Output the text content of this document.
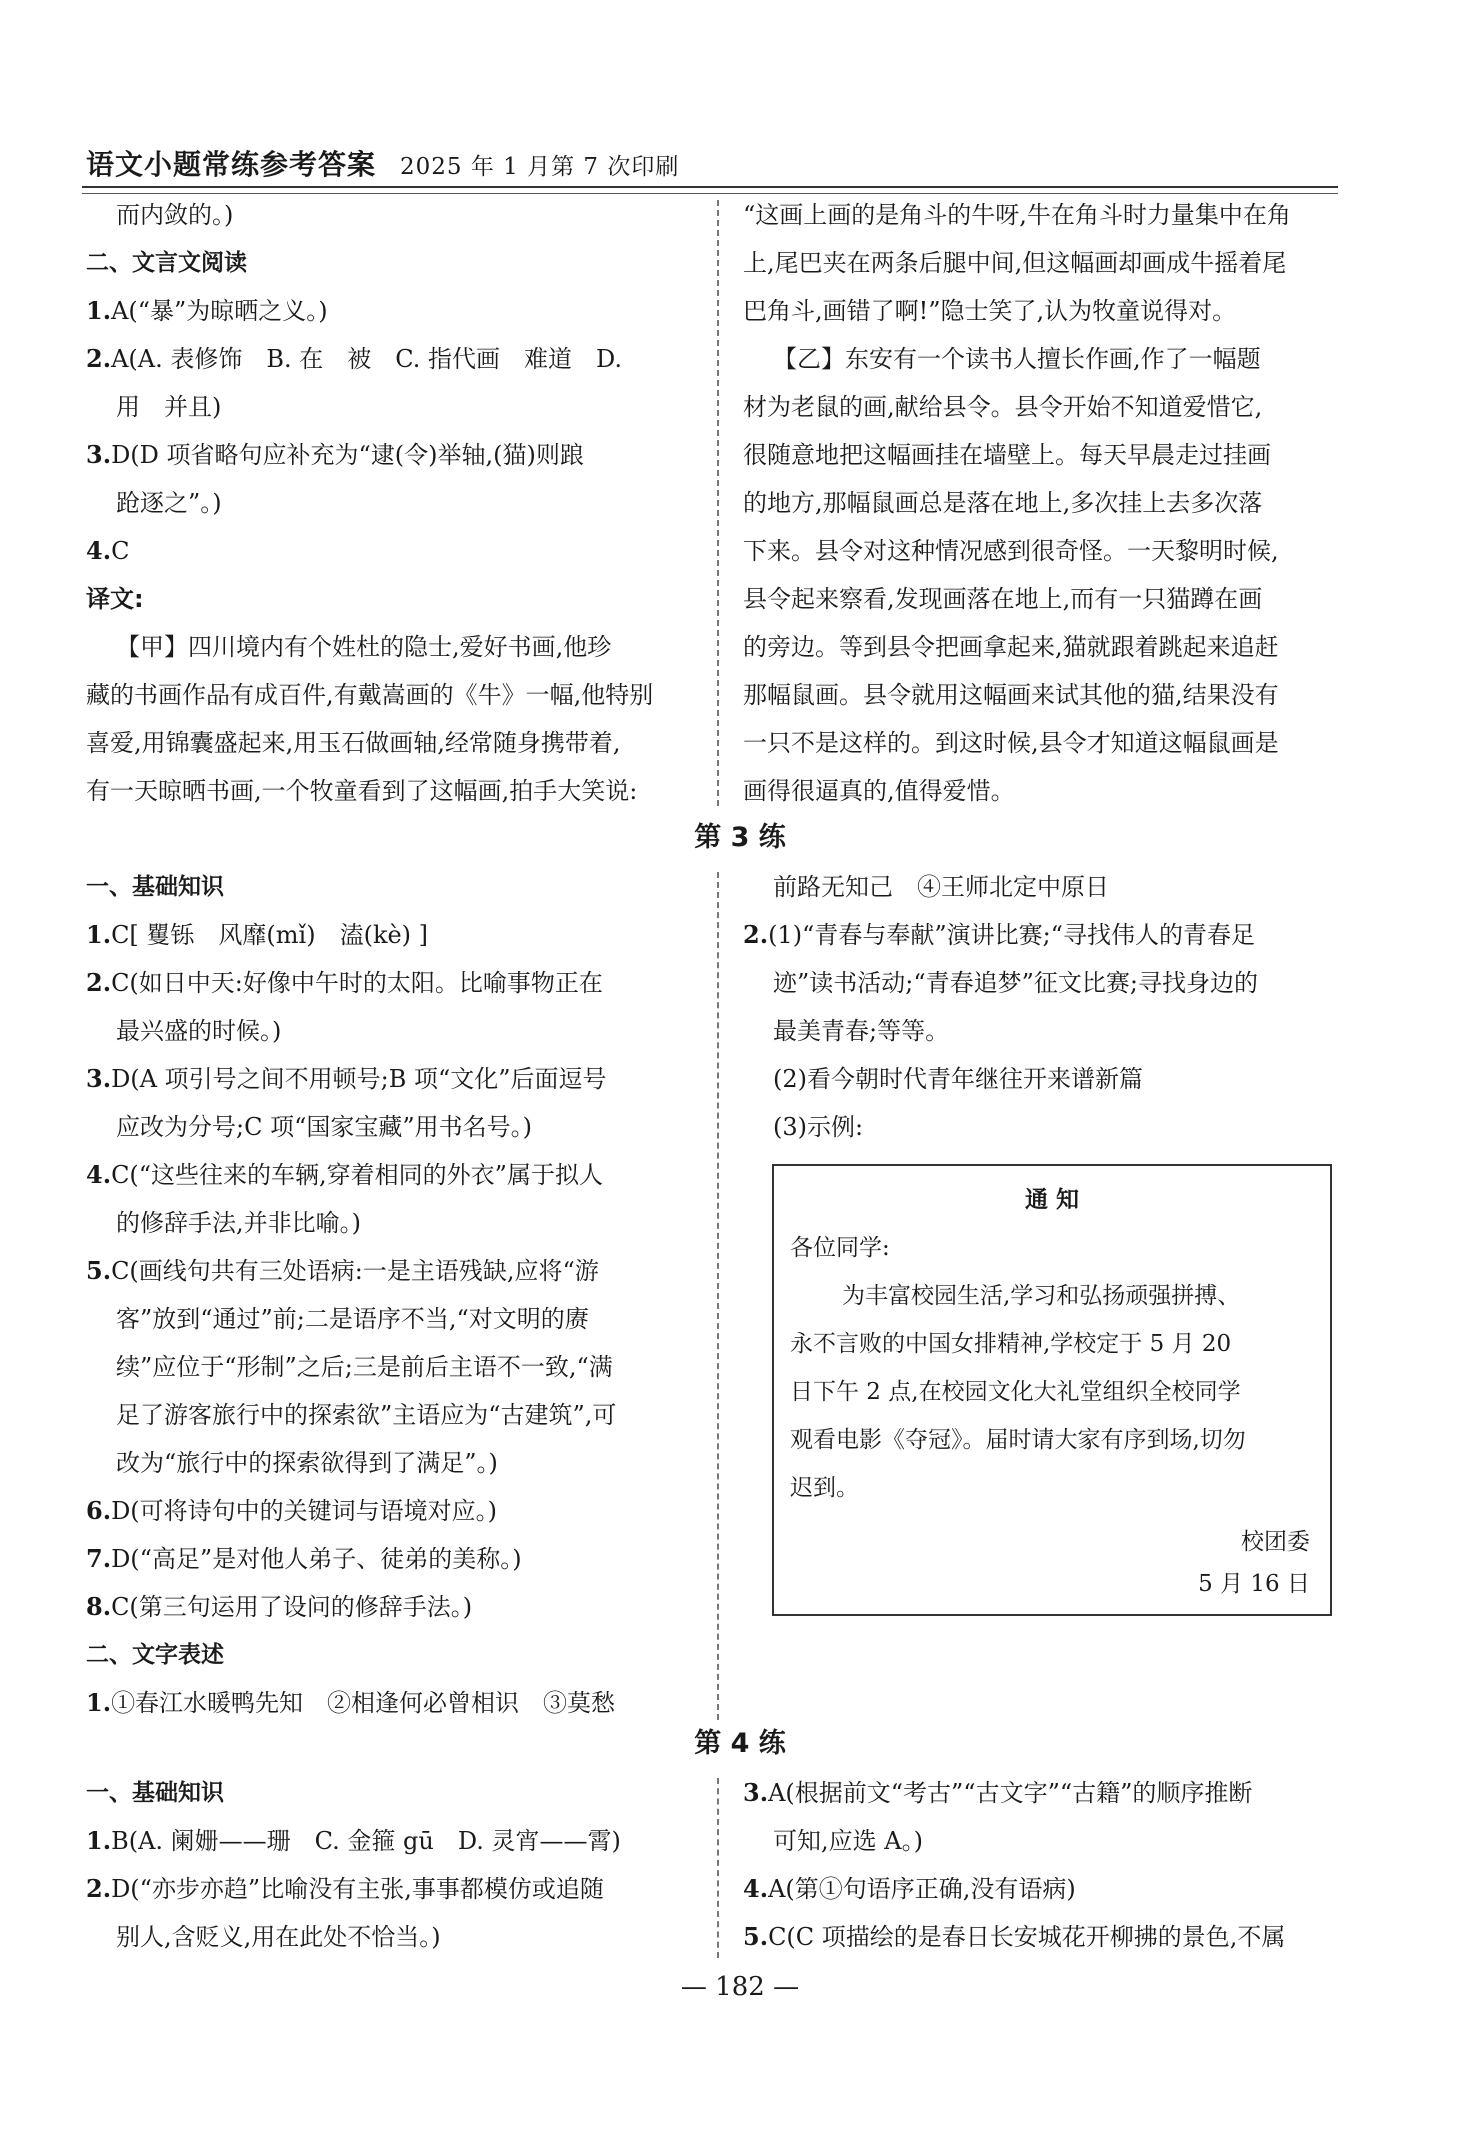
语文小题常练参考答案 2025 年 1 月第 7 次印刷
而内敛的。)
二、文言文阅读
1.A(“暴”为晾晒之义。)
2.A(A. 表修饰　B. 在　被　C. 指代画　难道　D.
用　并且)
3.D(D 项省略句应补充为“逮(令)举轴,(猫)则踉
跄逐之”。)
4.C
译文:
【甲】四川境内有个姓杜的隐士,爱好书画,他珍
藏的书画作品有成百件,有戴嵩画的《牛》一幅,他特别
喜爱,用锦囊盛起来,用玉石做画轴,经常随身携带着,
有一天晾晒书画,一个牧童看到了这幅画,拍手大笑说:
“这画上画的是角斗的牛呀,牛在角斗时力量集中在角
上,尾巴夹在两条后腿中间,但这幅画却画成牛摇着尾
巴角斗,画错了啊!”隐士笑了,认为牧童说得对。
【乙】东安有一个读书人擅长作画,作了一幅题
材为老鼠的画,献给县令。县令开始不知道爱惜它,
很随意地把这幅画挂在墙壁上。每天早晨走过挂画
的地方,那幅鼠画总是落在地上,多次挂上去多次落
下来。县令对这种情况感到很奇怪。一天黎明时候,
县令起来察看,发现画落在地上,而有一只猫蹲在画
的旁边。等到县令把画拿起来,猫就跟着跳起来追赶
那幅鼠画。县令就用这幅画来试其他的猫,结果没有
一只不是这样的。到这时候,县令才知道这幅鼠画是
画得很逼真的,值得爱惜。
第 3 练
一、基础知识
1.C[ 矍铄　风靡(mǐ)　溘(kè) ]
2.C(如日中天:好像中午时的太阳。比喻事物正在
最兴盛的时候。)
3.D(A 项引号之间不用顿号;B 项“文化”后面逗号
应改为分号;C 项“国家宝藏”用书名号。)
4.C(“这些往来的车辆,穿着相同的外衣”属于拟人
的修辞手法,并非比喻。)
5.C(画线句共有三处语病:一是主语残缺,应将“游
客”放到“通过”前;二是语序不当,“对文明的赓
续”应位于“形制”之后;三是前后主语不一致,“满
足了游客旅行中的探索欲”主语应为“古建筑”,可
改为“旅行中的探索欲得到了满足”。)
6.D(可将诗句中的关键词与语境对应。)
7.D(“高足”是对他人弟子、徒弟的美称。)
8.C(第三句运用了设问的修辞手法。)
二、文字表述
1.①春江水暖鸭先知　②相逢何必曾相识　③莫愁
前路无知己　④王师北定中原日
2.(1)“青春与奉献”演讲比赛;“寻找伟人的青春足
迹”读书活动;“青春追梦”征文比赛;寻找身边的
最美青春;等等。
(2)看今朝时代青年继往开来谱新篇
(3)示例:
通 知
各位同学:
为丰富校园生活,学习和弘扬顽强拼搏、
永不言败的中国女排精神,学校定于 5 月 20
日下午 2 点,在校园文化大礼堂组织全校同学
观看电影《夺冠》。届时请大家有序到场,切勿
迟到。
校团委
5 月 16 日
第 4 练
一、基础知识
1.B(A. 阑姗——珊　C. 金箍 gū　D. 灵宵——霄)
2.D(“亦步亦趋”比喻没有主张,事事都模仿或追随
别人,含贬义,用在此处不恰当。)
3.A(根据前文“考古”“古文字”“古籍”的顺序推断
可知,应选 A。)
4.A(第①句语序正确,没有语病)
5.C(C 项描绘的是春日长安城花开柳拂的景色,不属
— 182 —
